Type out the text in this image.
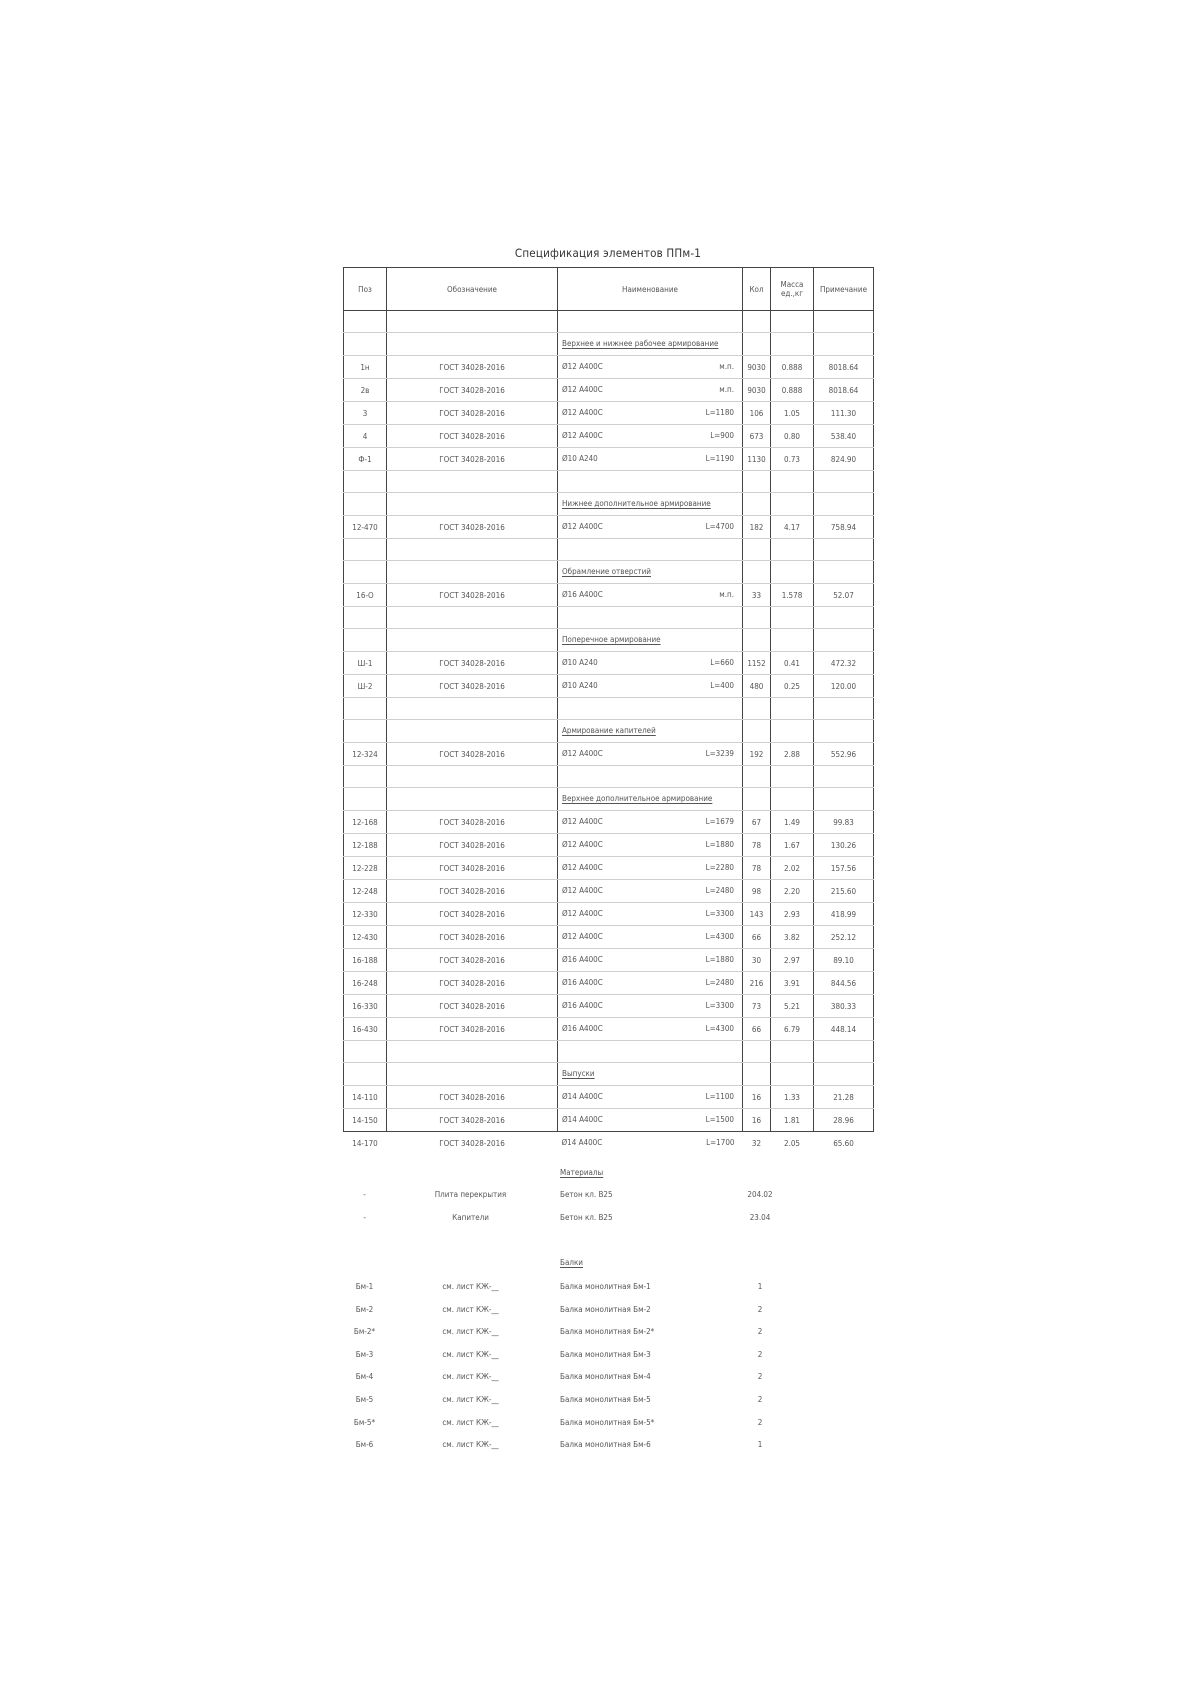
Спецификация элементов ППм-1
Поз	Обозначение	Наименование	Кол	Масса ед.,кг	Примечание

		Верхнее и нижнее рабочее армирование			
1н	ГОСТ 34028-2016	Ø12 А400С м.п.	9030	0.888	8018.64
2в	ГОСТ 34028-2016	Ø12 А400С м.п.	9030	0.888	8018.64
3	ГОСТ 34028-2016	Ø12 А400С L=1180	106	1.05	111.30
4	ГОСТ 34028-2016	Ø12 А400С L=900	673	0.80	538.40
Ф-1	ГОСТ 34028-2016	Ø10 А240 L=1190	1130	0.73	824.90

		Нижнее дополнительное армирование			
12-470	ГОСТ 34028-2016	Ø12 А400С L=4700	182	4.17	758.94

		Обрамление отверстий			
16-О	ГОСТ 34028-2016	Ø16 А400С м.п.	33	1.578	52.07

		Поперечное армирование			
Ш-1	ГОСТ 34028-2016	Ø10 А240 L=660	1152	0.41	472.32
Ш-2	ГОСТ 34028-2016	Ø10 А240 L=400	480	0.25	120.00

		Армирование капителей			
12-324	ГОСТ 34028-2016	Ø12 А400С L=3239	192	2.88	552.96

		Верхнее дополнительное армирование			
12-168	ГОСТ 34028-2016	Ø12 А400С L=1679	67	1.49	99.83
12-188	ГОСТ 34028-2016	Ø12 А400С L=1880	78	1.67	130.26
12-228	ГОСТ 34028-2016	Ø12 А400С L=2280	78	2.02	157.56
12-248	ГОСТ 34028-2016	Ø12 А400С L=2480	98	2.20	215.60
12-330	ГОСТ 34028-2016	Ø12 А400С L=3300	143	2.93	418.99
12-430	ГОСТ 34028-2016	Ø12 А400С L=4300	66	3.82	252.12
16-188	ГОСТ 34028-2016	Ø16 А400С L=1880	30	2.97	89.10
16-248	ГОСТ 34028-2016	Ø16 А400С L=2480	216	3.91	844.56
16-330	ГОСТ 34028-2016	Ø16 А400С L=3300	73	5.21	380.33
16-430	ГОСТ 34028-2016	Ø16 А400С L=4300	66	6.79	448.14

		Выпуски			
14-110	ГОСТ 34028-2016	Ø14 А400С L=1100	16	1.33	21.28
14-150	ГОСТ 34028-2016	Ø14 А400С L=1500	16	1.81	28.96
14-170	ГОСТ 34028-2016	Ø14 А400С L=1700	32	2.05	65.60
Материалы
-	Плита перекрытия	Бетон кл. В25	204.02
-	Капители	Бетон кл. В25	23.04
Балки
Бм-1	см. лист КЖ-__	Балка монолитная Бм-1	1
Бм-2	см. лист КЖ-__	Балка монолитная Бм-2	2
Бм-2*	см. лист КЖ-__	Балка монолитная Бм-2*	2
Бм-3	см. лист КЖ-__	Балка монолитная Бм-3	2
Бм-4	см. лист КЖ-__	Балка монолитная Бм-4	2
Бм-5	см. лист КЖ-__	Балка монолитная Бм-5	2
Бм-5*	см. лист КЖ-__	Балка монолитная Бм-5*	2
Бм-6	см. лист КЖ-__	Балка монолитная Бм-6	1
